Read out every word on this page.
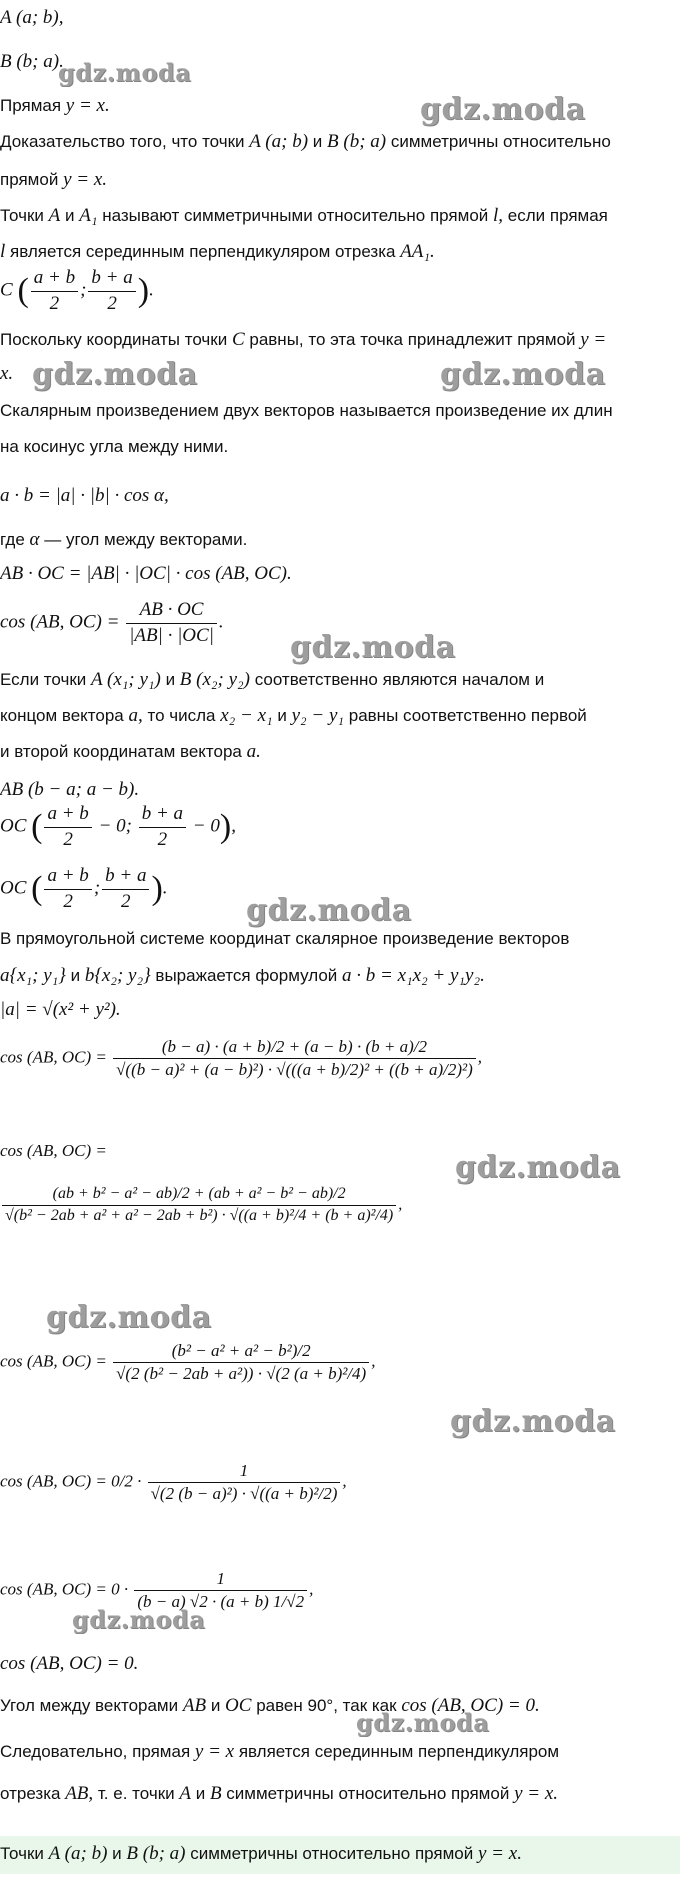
gdz.moda
gdz.moda
gdz.moda	gdz.moda
gdz.moda
gdz.moda
gdz.moda
gdz.moda
gdz.moda
gdz.moda
gdz.moda
A (a; b),
B (b; a).
Прямая y = x.
Доказательство того, что точки A (a; b) и B (b; a) симметричны относительно
прямой y = x.
Точки A и A₁ называют симметричными относительно прямой l, если прямая
l является серединным перпендикуляром отрезка AA₁.
C ( $\frac{a + b}{2}$ ; $\frac{b + a}{2}$ ).
Поскольку координаты точки C равны, то эта точка принадлежит прямой y =
x.
Скалярным произведением двух векторов называется произведение их длин
на косинус угла между ними.
a · b = |a| · |b| · cos α,
где α — угол между векторами.
AB · OC = |AB| · |OC| · cos (AB, OC).
cos (AB, $OC) = \frac{AB \cdot OC}{|AB| \cdot |OC|}$ .
Если точки A (x₁; y₁) и B (x₂; y₂) соответственно являются началом и
концом вектора a, то числа x₂ − x₁ и y₂ − y₁ равны соответственно первой
и второй координатам вектора a.
AB (b − a; a − b).
OC ( $\frac{a + b}{2} - 0$; $\frac{b + a}{2} - 0$),
OC ( $\frac{a + b}{2}$ ; $\frac{b + a}{2}$ ).
В прямоугольной системе координат скалярное произведение векторов
a{x₁; y₁} и b{x₂; y₂} выражается формулой a · b = x₁x₂ + y₁y₂.
|a| = √(x² + y²).
cos (AB, $OC) = \frac{(b - a) \cdot (a + b)/2 + (a - b) \cdot (b + a)/2}{\text{√((b − a)² + (a − b)²) · √(((a + b)/2)² + ((b + a)/2)²)}}$ ,
cos (AB, OC) =
(ab + b² − a² − ab)/2 + (ab + a² − b² − ab)/2
√(b² − 2ab + a² + a² − 2ab + b²) · √((a + b)²/4 + (b + a)²/4)
,
cos (AB, $OC) = \frac{\text{(b² − a² + a² − b²)/2}}{\text{√(2 (b² − 2ab + a²)) · √(2 (a + b)²/4)}}$ ,
cos (AB, $OC) = 0/2 \cdot \frac{1}{\text{√(2 (b − a)²) · √((a + b)²/2)}}$ ,
cos (AB, $OC) = 0 \cdot \frac{1}{(b - a) √2 \cdot (a + b) 1/√2}$ ,
cos (AB, OC) = 0.
Угол между векторами AB и OC равен 90°, так как cos (AB, OC) = 0.
Следовательно, прямая y = x является серединным перпендикуляром
отрезка AB, т. е. точки A и B симметричны относительно прямой y = x.
Точки A (a; b) и B (b; a) симметричны относительно прямой y = x.
